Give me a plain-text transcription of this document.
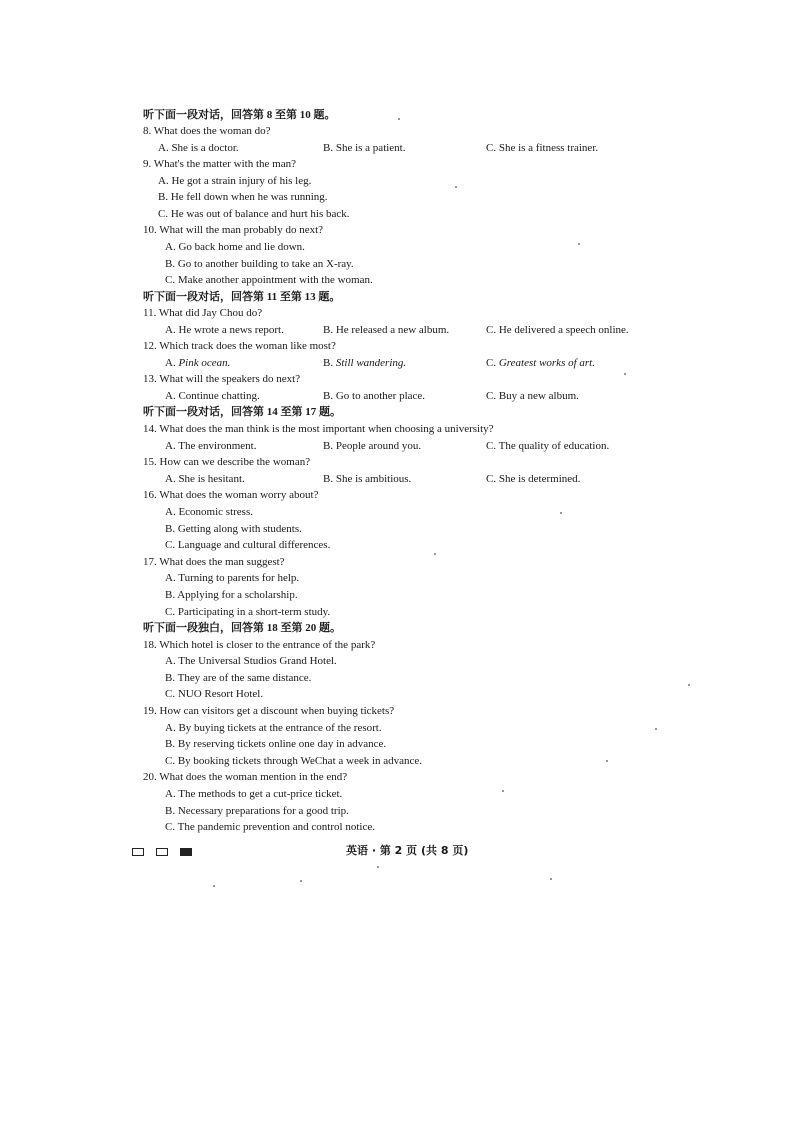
听下面一段对话，回答第 8 至第 10 题。
8. What does the woman do?
A. She is a doctor.	B. She is a patient.	C. She is a fitness trainer.
9. What's the matter with the man?
A. He got a strain injury of his leg.
B. He fell down when he was running.
C. He was out of balance and hurt his back.
10. What will the man probably do next?
A. Go back home and lie down.
B. Go to another building to take an X-ray.
C. Make another appointment with the woman.
听下面一段对话，回答第 11 至第 13 题。
11. What did Jay Chou do?
A. He wrote a news report.	B. He released a new album.	C. He delivered a speech online.
12. Which track does the woman like most?
A. Pink ocean.	B. Still wandering.	C. Greatest works of art.
13. What will the speakers do next?
A. Continue chatting.	B. Go to another place.	C. Buy a new album.
听下面一段对话，回答第 14 至第 17 题。
14. What does the man think is the most important when choosing a university?
A. The environment.	B. People around you.	C. The quality of education.
15. How can we describe the woman?
A. She is hesitant.	B. She is ambitious.	C. She is determined.
16. What does the woman worry about?
A. Economic stress.
B. Getting along with students.
C. Language and cultural differences.
17. What does the man suggest?
A. Turning to parents for help.
B. Applying for a scholarship.
C. Participating in a short-term study.
听下面一段独白，回答第 18 至第 20 题。
18. Which hotel is closer to the entrance of the park?
A. The Universal Studios Grand Hotel.
B. They are of the same distance.
C. NUO Resort Hotel.
19. How can visitors get a discount when buying tickets?
A. By buying tickets at the entrance of the resort.
B. By reserving tickets online one day in advance.
C. By booking tickets through WeChat a week in advance.
20. What does the woman mention in the end?
A. The methods to get a cut-price ticket.
B. Necessary preparations for a good trip.
C. The pandemic prevention and control notice.
英语 · 第 2 页 (共 8 页)
